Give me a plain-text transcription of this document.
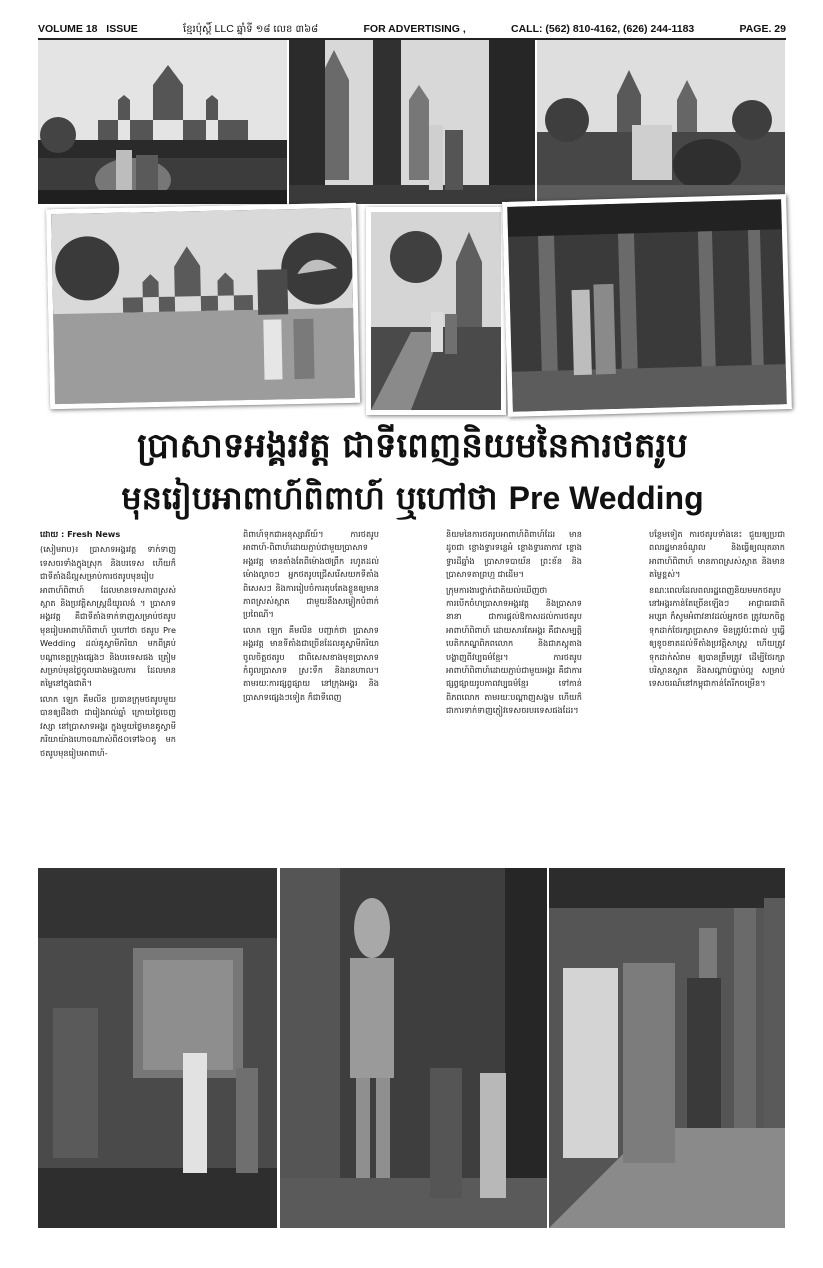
VOLUME 18 ISSUE	ខ្មែរប៉ុស្តិ៍ LLC ឆ្នាំទី ១៨ លេខ ៣៦៨	FOR ADVERTISING ,	CALL: (562) 810-4162, (626) 244-1183	PAGE. 29
ប្រាសាទអង្គរវត្ត ជាទីពេញនិយមនៃការថតរូប
មុនរៀបអាពាហ៍ពិពាហ៍ ឬហៅថា Pre Wedding

ដោយ : Fresh News

(សៀមរាប)៖ ប្រាសាទអង្គរវត្ត ទាក់ទាញទេសចរទាំងក្នុងស្រុក និងបរទេស ហើយក៏ជាទីតាំងដ៏ល្អសម្រាប់ការថតរូបមុនរៀបអាពាហ៍ពិពាហ៍ ដែលមានទេសភាពស្រស់ស្អាត និងប្រវត្តិសាស្ត្រដ៏យូរលង់ ។ ប្រាសាទអង្គរវត្ត គឺជាទីតាំងទាក់ទាញសម្រាប់ថតរូបមុនរៀបអាពាហ៍ពិពាហ៍ ឬហៅថា ថតរូប Pre Wedding ដល់គូស្វាមីភរិយា មកពីគ្រប់បណ្ដាខេត្តក្រុងផ្សេងៗ និងបរទេសផង ត្រៀមសម្រាប់មុនថ្ងៃចូលរោងមង្គលការ ដែលមានតម្លៃនៅក្នុងជាតិ។

លោក ឡេក គឹមលីន ប្រធានក្រុមថតរូបមួយ បានឲ្យដឹងថា ជារៀងរាល់ឆ្នាំ ក្រោយថ្ងៃចេញវស្សា នៅប្រាសាទអង្គរ ក្នុងមួយថ្ងៃមានគូស្វាមីភរិយាយ៉ាងហោចណាស់ពី៥០ទៅ៦០គូ មកថតរូបមុនរៀបអាពាហ៍-

ពិពាហ៍ទុកជាអនុស្សាវរីយ៍។ ការថតរូបអាពាហ៍-ពិពាហ៍ដោយភ្ជាប់ជាមួយប្រាសាទអង្គរវត្ត មានតាំងតែពីម៉ោង៧ព្រឹក រហូតដល់ម៉ោងល្ងាចៗ អ្នកថតរូបជ្រើសរើសយកទីតាំងពិសេសៗ និងការរៀបចំការតុបតែងខ្លួនឲ្យមានភាពស្រស់ស្អាត ជាមួយនឹងសម្លៀកបំពាក់ប្រពៃណី។

លោក ឡេក គឹមលីន បញ្ជាក់ថា ប្រាសាទអង្គរវត្ត មានទីតាំងជាច្រើនដែលគូស្វាមីភរិយាចូលចិត្តថតរូប ជាពិសេសខាងមុខប្រាសាទ កំពូលប្រាសាទ ស្រះទឹក និងរានហាល។ តាមរយៈការផ្សព្វផ្សាយ នៅក្រុងអង្គរ និងប្រាសាទផ្សេងៗទៀត ក៏ជាទីពេញ

និយមនៃការថតរូបអាពាហ៍ពិពាហ៍ដែរ មានដូចជា ខ្លោងទ្វារទន្លេអំ ខ្លោងទ្វារតាកាវ ខ្លោងទ្វារដីឆ្នាំង ប្រាសាទបាយ័ន ព្រះខ័ន និងប្រាសាទតាព្រហ្ម ជាដើម។

ក្រុមការងារថ្នាក់ជាតិយល់ឃើញថា ការបើកចំហប្រាសាទអង្គរវត្ត និងប្រាសាទនានា ជាការផ្ដល់ឱកាសដល់ការថតរូបអាពាហ៍ពិពាហ៍ ដោយសារតែអង្គរ គឺជាសម្បត្តិបេតិកភណ្ឌពិភពលោក និងជាភស្តុតាងបង្ហាញពីវប្បធម៌ខ្មែរ។ ការថតរូបអាពាហ៍ពិពាហ៍ដោយភ្ជាប់ជាមួយអង្គរ គឺជាការផ្សព្វផ្សាយរូបភាពវប្បធម៌ខ្មែរ ទៅកាន់ពិភពលោក តាមរយៈបណ្ដាញសង្គម ហើយក៏ជាការទាក់ទាញភ្ញៀវទេសចរបរទេសផងដែរ។

បន្ថែមទៀត ការថតរូបទាំងនេះ ជួយឲ្យប្រជាពលរដ្ឋមានចំណូល និងធ្វើឲ្យឈុតឆាកអាពាហ៍ពិពាហ៍ មានភាពស្រស់ស្អាត និងមានតម្លៃខ្ពស់។

ខណៈពេលដែលពលរដ្ឋពេញនិយមមកថតរូបនៅអង្គរកាន់តែច្រើនឡើងៗ អាជ្ញាធរជាតិអប្សរា ក៏សូមអំពាវនាវដល់អ្នកថត ត្រូវយកចិត្តទុកដាក់ថែរក្សាប្រាសាទ មិនត្រូវប៉ះពាល់ ឬធ្វើឲ្យខូចខាតដល់ទីតាំងប្រវត្តិសាស្ត្រ ហើយត្រូវទុកដាក់សំរាម ឲ្យបានត្រឹមត្រូវ ដើម្បីថែរក្សាបរិស្ថានស្អាត និងសណ្ដាប់ធ្នាប់ល្អ សម្រាប់ទេសចរណ៍នៅកម្ពុជាកាន់តែរីកចម្រើន។
